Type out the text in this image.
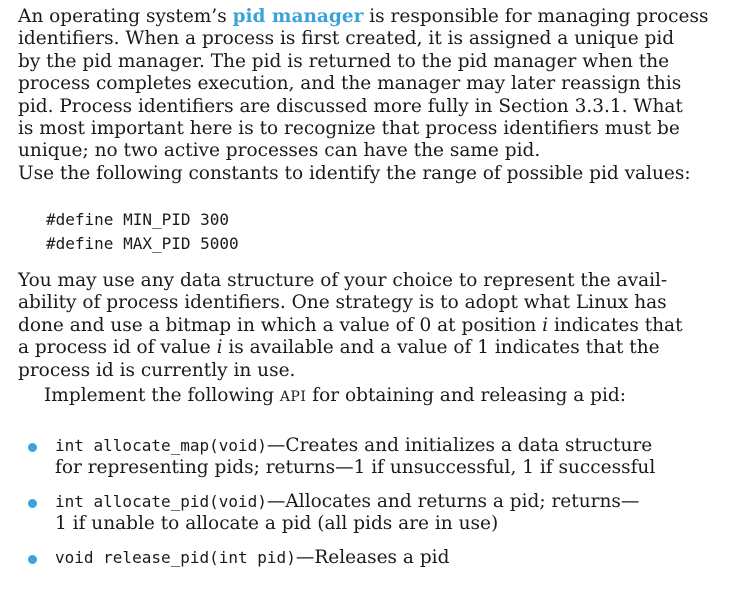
An operating system’s pid manager is responsible for managing process
identifiers. When a process is first created, it is assigned a unique pid
by the pid manager. The pid is returned to the pid manager when the
process completes execution, and the manager may later reassign this
pid. Process identifiers are discussed more fully in Section 3.3.1. What
is most important here is to recognize that process identifiers must be
unique; no two active processes can have the same pid.
Use the following constants to identify the range of possible pid values:

#define MIN_PID 300
#define MAX_PID 5000

You may use any data structure of your choice to represent the avail-
ability of process identifiers. One strategy is to adopt what Linux has
done and use a bitmap in which a value of 0 at position i indicates that
a process id of value i is available and a value of 1 indicates that the
process id is currently in use.

Implement the following API for obtaining and releasing a pid:
int allocate_map(void)—Creates and initializes a data structure
for representing pids; returns—1 if unsuccessful, 1 if successful
int allocate_pid(void)—Allocates and returns a pid; returns—
1 if unable to allocate a pid (all pids are in use)
void release_pid(int pid)—Releases a pid
